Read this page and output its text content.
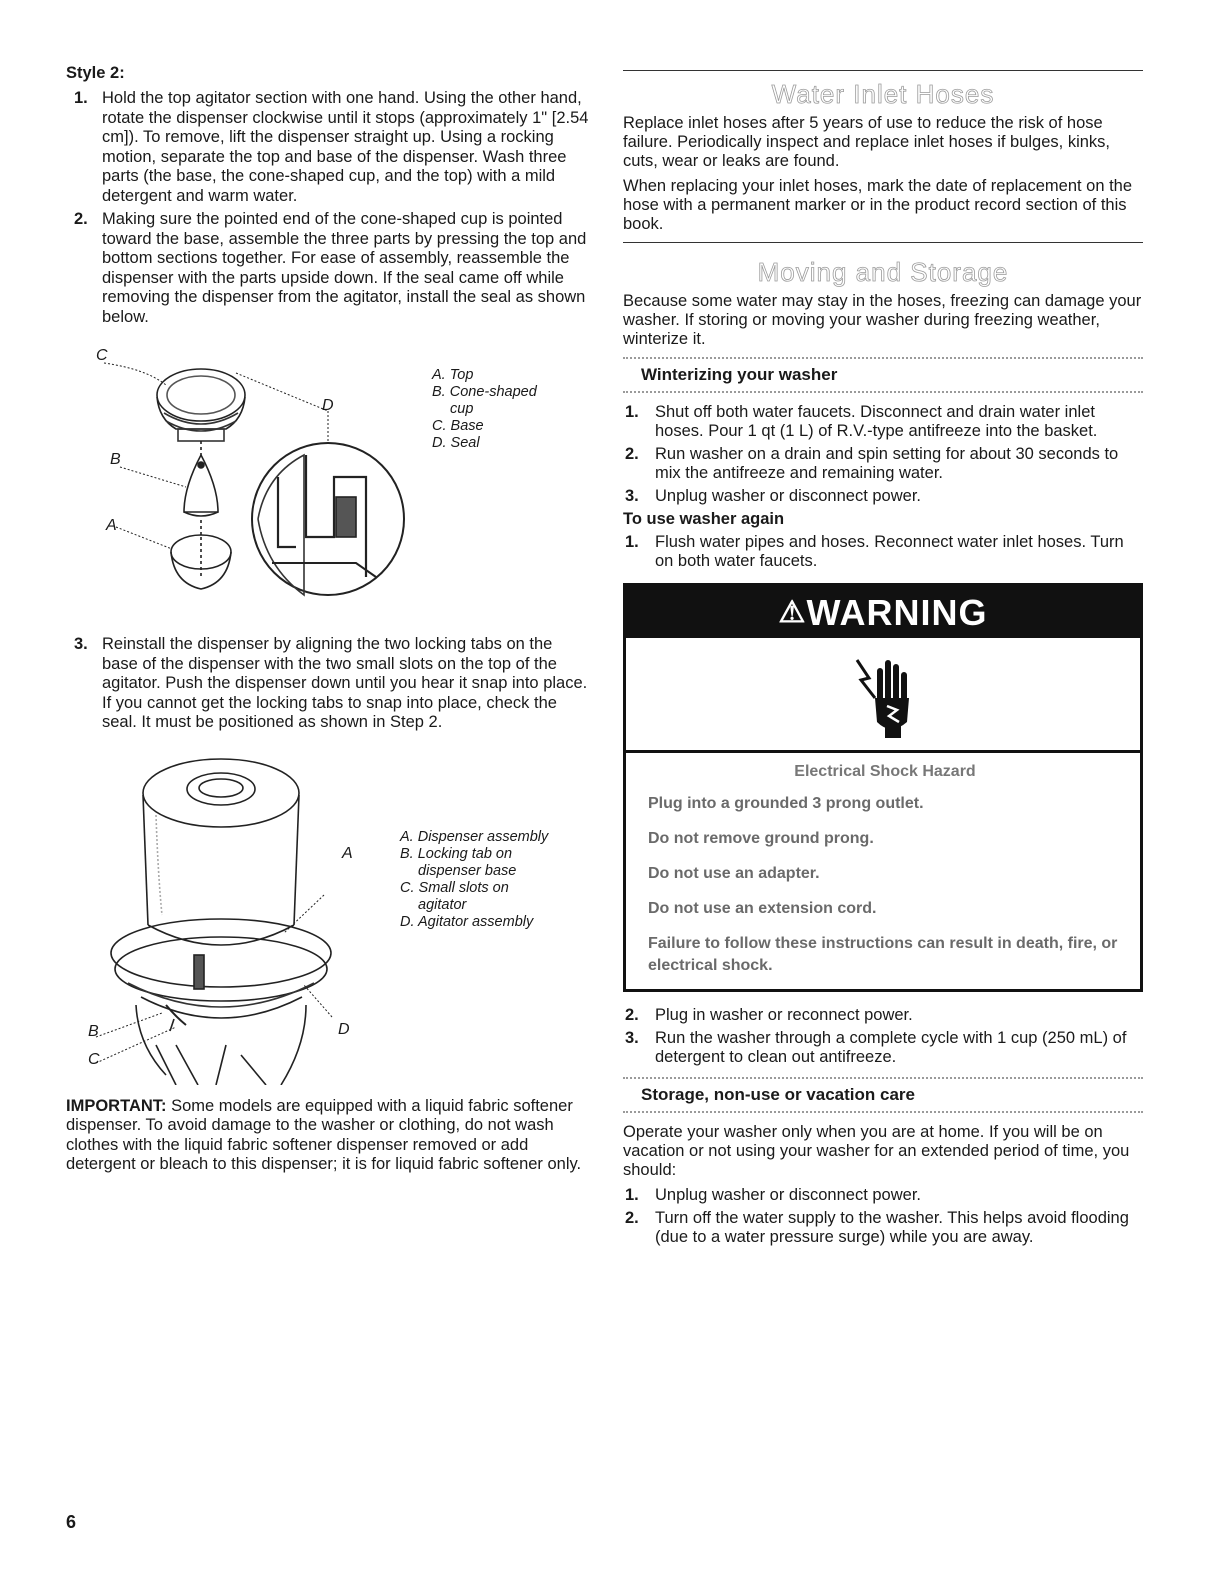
Style 2:
1. Hold the top agitator section with one hand. Using the other hand, rotate the dispenser clockwise until it stops (approximately 1" [2.54 cm]). To remove, lift the dispenser straight up. Using a rocking motion, separate the top and base of the dispenser. Wash three parts (the base, the cone-shaped cup, and the top) with a mild detergent and warm water.
2. Making sure the pointed end of the cone-shaped cup is pointed toward the base, assemble the three parts by pressing the top and bottom sections together. For ease of assembly, reassemble the dispenser with the parts upside down. If the seal came off while removing the dispenser from the agitator, install the seal as shown below.
C
D
B
A
A. Top
B. Cone-shaped
cup
C. Base
D. Seal
3. Reinstall the dispenser by aligning the two locking tabs on the base of the dispenser with the two small slots on the top of the agitator. Push the dispenser down until you hear it snap into place. If you cannot get the locking tabs to snap into place, check the seal. It must be positioned as shown in Step 2.
A
B
C
D
A. Dispenser assembly
B. Locking tab on
dispenser base
C. Small slots on
agitator
D. Agitator assembly
IMPORTANT: Some models are equipped with a liquid fabric softener dispenser. To avoid damage to the washer or clothing, do not wash clothes with the liquid fabric softener dispenser removed or add detergent or bleach to this dispenser; it is for liquid fabric softener only.
Water Inlet Hoses

Replace inlet hoses after 5 years of use to reduce the risk of hose failure. Periodically inspect and replace inlet hoses if bulges, kinks, cuts, wear or leaks are found.

When replacing your inlet hoses, mark the date of replacement on the hose with a permanent marker or in the product record section of this book.

Moving and Storage

Because some water may stay in the hoses, freezing can damage your washer. If storing or moving your washer during freezing weather, winterize it.

Winterizing your washer
1. Shut off both water faucets. Disconnect and drain water inlet hoses. Pour 1 qt (1 L) of R.V.-type antifreeze into the basket.
2. Run washer on a drain and spin setting for about 30 seconds to mix the antifreeze and remaining water.
3. Unplug washer or disconnect power.
To use washer again
1. Flush water pipes and hoses. Reconnect water inlet hoses. Turn on both water faucets.
⚠WARNING
Electrical Shock Hazard
Plug into a grounded 3 prong outlet.
Do not remove ground prong.
Do not use an adapter.
Do not use an extension cord.
Failure to follow these instructions can result in death, fire, or electrical shock.
2. Plug in washer or reconnect power.
3. Run the washer through a complete cycle with 1 cup (250 mL) of detergent to clean out antifreeze.
Storage, non-use or vacation care

Operate your washer only when you are at home. If you will be on vacation or not using your washer for an extended period of time, you should:

1. Unplug washer or disconnect power.
2. Turn off the water supply to the washer. This helps avoid flooding (due to a water pressure surge) while you are away.
6
